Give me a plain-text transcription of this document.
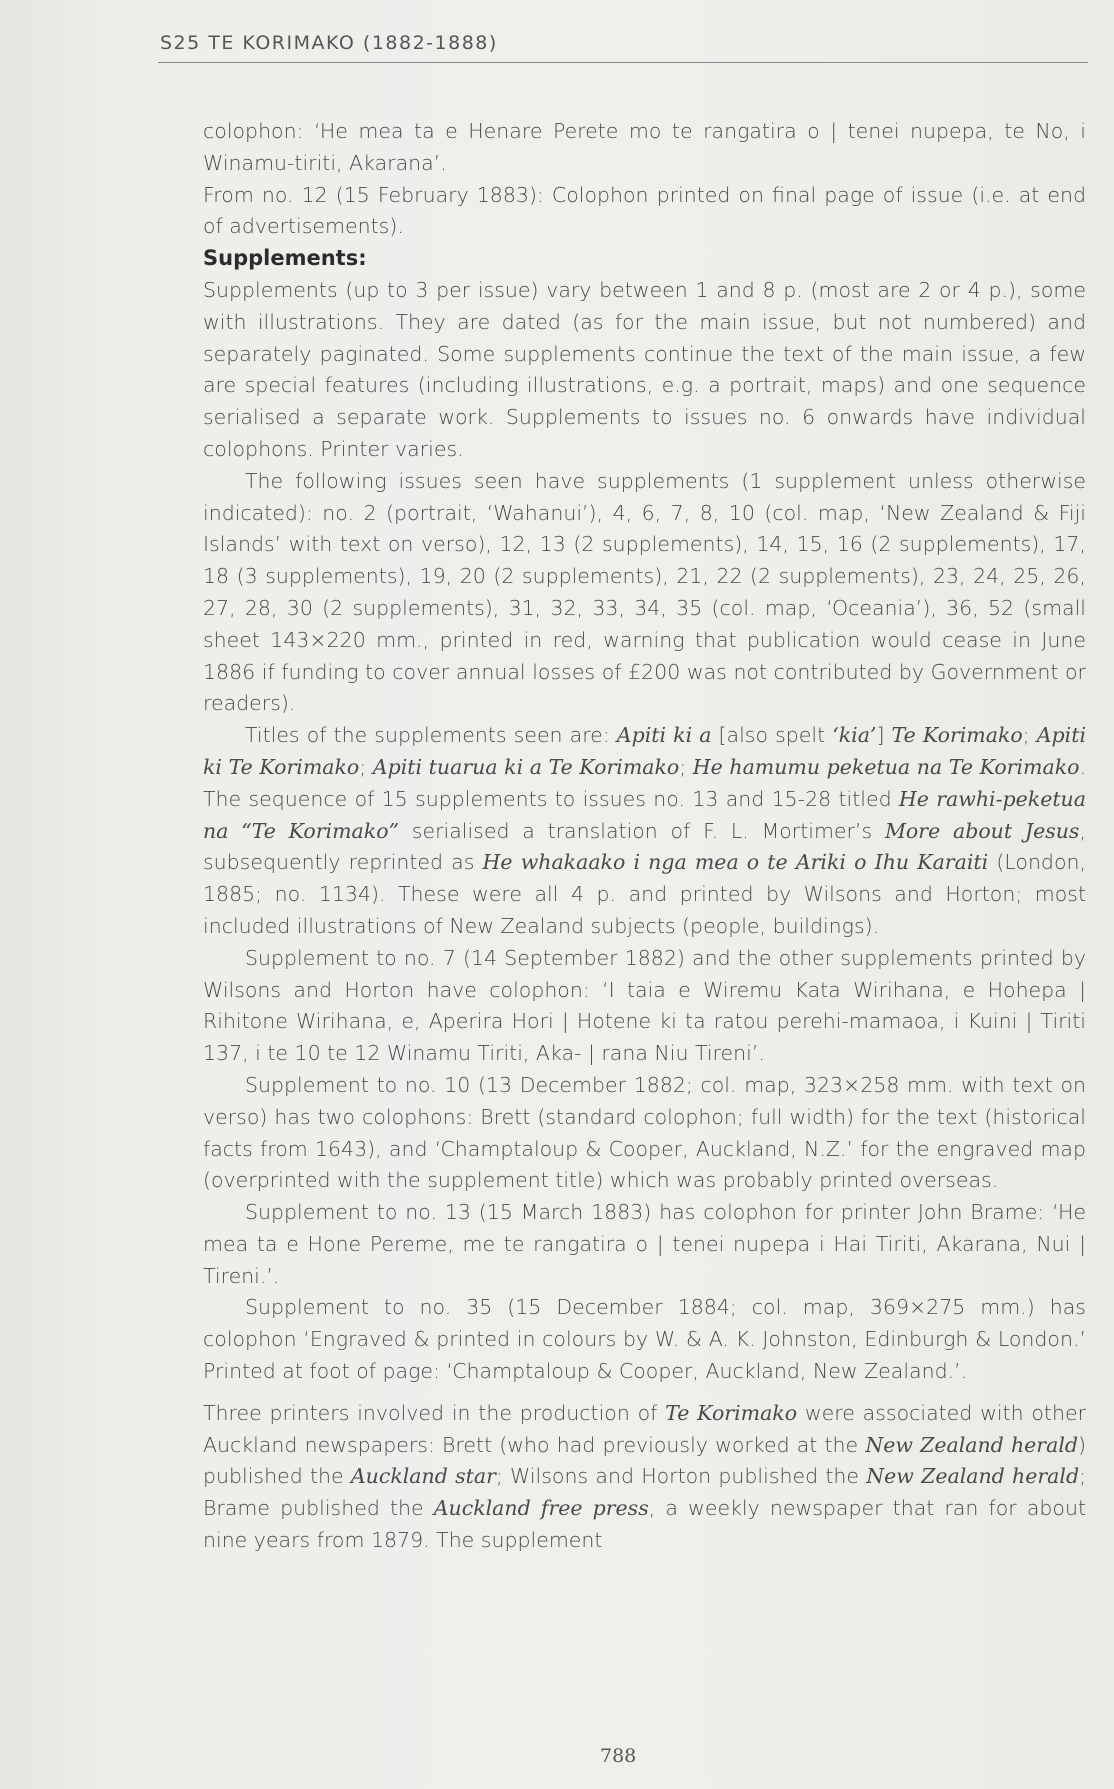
S25 TE KORIMAKO (1882-1888)

colophon: ‘He mea ta e Henare Perete mo te rangatira o | tenei nupepa, te No, i Winamu-tiriti, Akarana’.

From no. 12 (15 February 1883): Colophon printed on final page of issue (i.e. at end of advertisements).

Supplements:

Supplements (up to 3 per issue) vary between 1 and 8 p. (most are 2 or 4 p.), some with illustrations. They are dated (as for the main issue, but not numbered) and separately paginated. Some supplements continue the text of the main issue, a few are special features (including illustrations, e.g. a portrait, maps) and one sequence serialised a separate work. Supplements to issues no. 6 onwards have individual colophons. Printer varies.

The following issues seen have supplements (1 supplement unless otherwise indicated): no. 2 (portrait, ‘Wahanui’), 4, 6, 7, 8, 10 (col. map, ‘New Zealand & Fiji Islands’ with text on verso), 12, 13 (2 supplements), 14, 15, 16 (2 supplements), 17, 18 (3 supplements), 19, 20 (2 supplements), 21, 22 (2 supplements), 23, 24, 25, 26, 27, 28, 30 (2 supplements), 31, 32, 33, 34, 35 (col. map, ‘Oceania’), 36, 52 (small sheet 143×220 mm., printed in red, warning that publication would cease in June 1886 if funding to cover annual losses of £200 was not contributed by Government or readers).

Titles of the supplements seen are: Apiti ki a [also spelt ‘kia’] Te Korimako; Apiti ki Te Korimako; Apiti tuarua ki a Te Korimako; He hamumu peketua na Te Korimako. The sequence of 15 supplements to issues no. 13 and 15-28 titled He rawhi-peketua na “Te Korimako” serialised a translation of F. L. Mortimer’s More about Jesus, subsequently reprinted as He whakaako i nga mea o te Ariki o Ihu Karaiti (London, 1885; no. 1134). These were all 4 p. and printed by Wilsons and Horton; most included illustrations of New Zealand subjects (people, buildings).

Supplement to no. 7 (14 September 1882) and the other supplements printed by Wilsons and Horton have colophon: ‘I taia e Wiremu Kata Wirihana, e Hohepa | Rihitone Wirihana, e, Aperira Hori | Hotene ki ta ratou perehi-mamaoa, i Kuini | Tiriti 137, i te 10 te 12 Winamu Tiriti, Aka- | rana Niu Tireni’.

Supplement to no. 10 (13 December 1882; col. map, 323×258 mm. with text on verso) has two colophons: Brett (standard colophon; full width) for the text (historical facts from 1643), and ‘Champtaloup & Cooper, Auckland, N.Z.’ for the engraved map (overprinted with the supplement title) which was probably printed overseas.

Supplement to no. 13 (15 March 1883) has colophon for printer John Brame: ‘He mea ta e Hone Pereme, me te rangatira o | tenei nupepa i Hai Tiriti, Akarana, Nui | Tireni.’.

Supplement to no. 35 (15 December 1884; col. map, 369×275 mm.) has colophon ‘Engraved & printed in colours by W. & A. K. Johnston, Edinburgh & London.’ Printed at foot of page: ‘Champtaloup & Cooper, Auckland, New Zealand.’.

Three printers involved in the production of Te Korimako were associated with other Auckland newspapers: Brett (who had previously worked at the New Zealand herald) published the Auckland star; Wilsons and Horton published the New Zealand herald; Brame published the Auckland free press, a weekly newspaper that ran for about nine years from 1879. The supplement

788
